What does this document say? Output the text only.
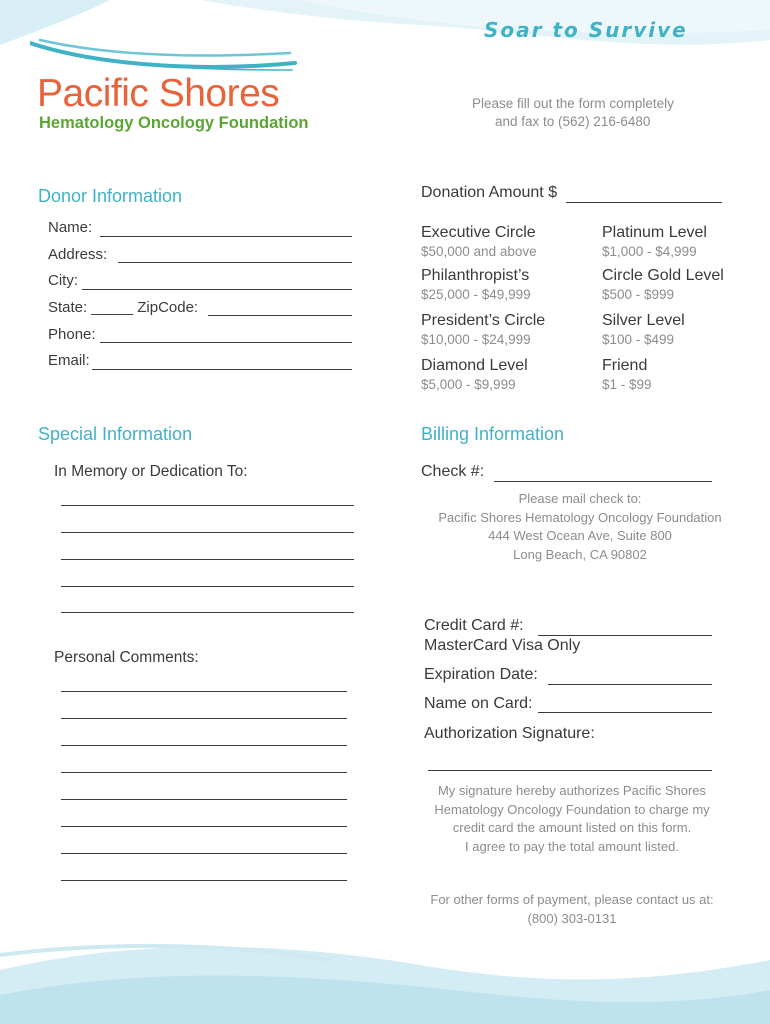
Soar to Survive
Pacific Shores
Hematology Oncology Foundation
Please fill out the form completely
and fax to (562) 216-6480
Donor Information
Name:
Address:
City:
State: _____ ZipCode:
Phone:
Email:
Donation Amount $
Executive Circle
$50,000 and above
Platinum Level
$1,000 - $4,999
Philanthropist’s
$25,000 - $49,999
Circle Gold Level
$500 - $999
President’s Circle
$10,000 - $24,999
Silver Level
$100 - $499
Diamond Level
$5,000 - $9,999
Friend
$1 - $99
Special Information
In Memory or Dedication To:
Personal Comments:
Billing Information
Check #:
Please mail check to:
Pacific Shores Hematology Oncology Foundation
444 West Ocean Ave, Suite 800
Long Beach, CA 90802
Credit Card #:
MasterCard Visa Only
Expiration Date:
Name on Card:
Authorization Signature:
My signature hereby authorizes Pacific Shores
Hematology Oncology Foundation to charge my
credit card the amount listed on this form.
I agree to pay the total amount listed.
For other forms of payment, please contact us at:
(800) 303-0131
